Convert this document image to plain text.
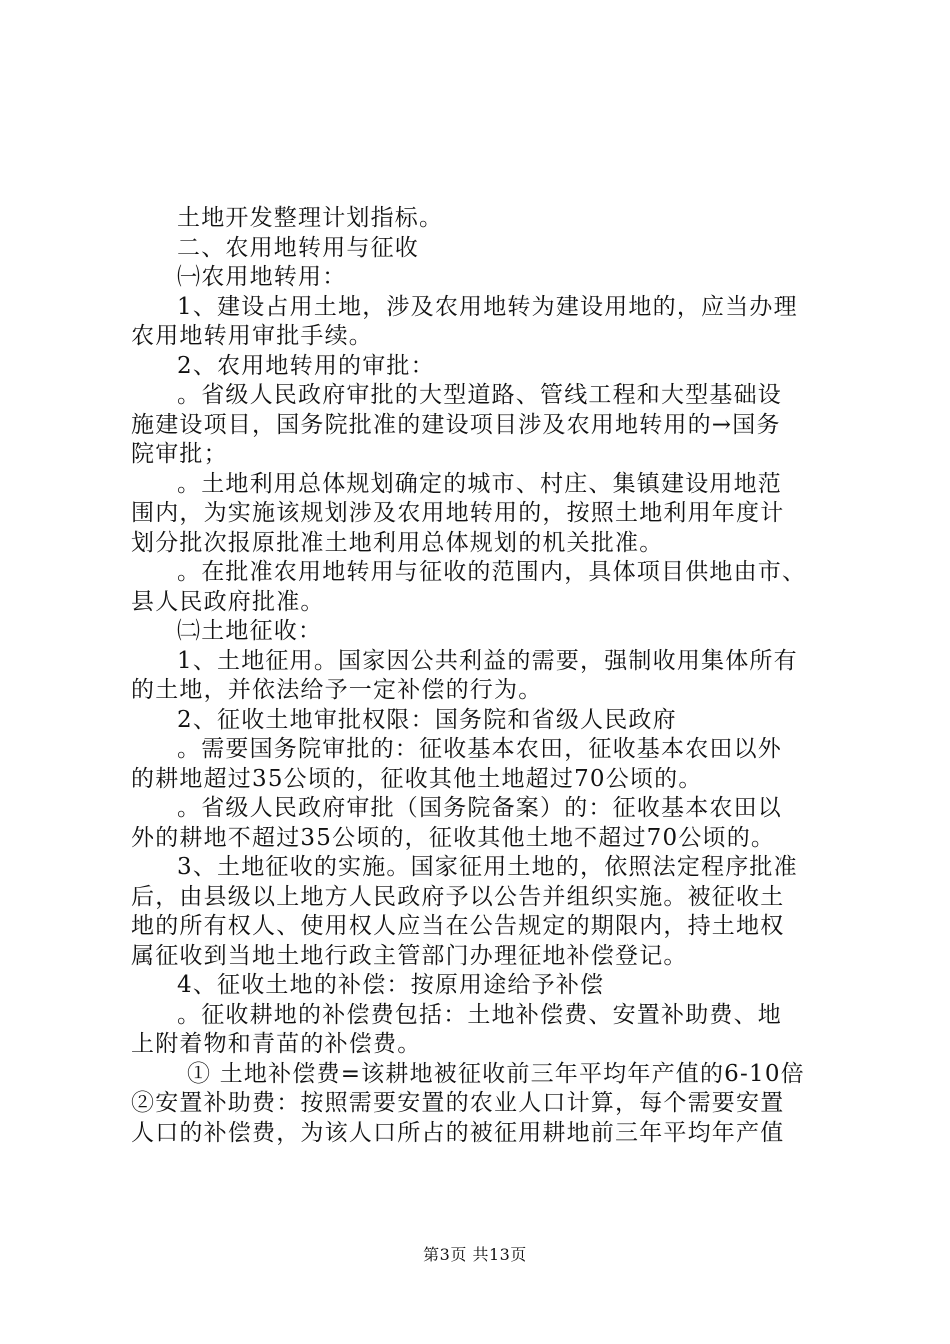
土地开发整理计划指标。

二、农用地转用与征收

㈠农用地转用：

1、建设占用土地，涉及农用地转为建设用地的，应当办理

农用地转用审批手续。

2、农用地转用的审批：

。省级人民政府审批的大型道路、管线工程和大型基础设

施建设项目，国务院批准的建设项目涉及农用地转用的→国务

院审批；

。土地利用总体规划确定的城市、村庄、集镇建设用地范

围内，为实施该规划涉及农用地转用的，按照土地利用年度计

划分批次报原批准土地利用总体规划的机关批准。

。在批准农用地转用与征收的范围内，具体项目供地由市、

县人民政府批准。

㈡土地征收：

1、土地征用。国家因公共利益的需要，强制收用集体所有

的土地，并依法给予一定补偿的行为。

2、征收土地审批权限：国务院和省级人民政府

。需要国务院审批的：征收基本农田，征收基本农田以外

的耕地超过35公顷的，征收其他土地超过70公顷的。

。省级人民政府审批（国务院备案）的：征收基本农田以

外的耕地不超过35公顷的，征收其他土地不超过70公顷的。

3、土地征收的实施。国家征用土地的，依照法定程序批准

后，由县级以上地方人民政府予以公告并组织实施。被征收土

地的所有权人、使用权人应当在公告规定的期限内，持土地权

属征收到当地土地行政主管部门办理征地补偿登记。

4、征收土地的补偿：按原用途给予补偿

。征收耕地的补偿费包括：土地补偿费、安置补助费、地

上附着物和青苗的补偿费。

① 土地补偿费=该耕地被征收前三年平均年产值的6-10倍

②安置补助费：按照需要安置的农业人口计算，每个需要安置

人口的补偿费，为该人口所占的被征用耕地前三年平均年产值

第3页 共13页
